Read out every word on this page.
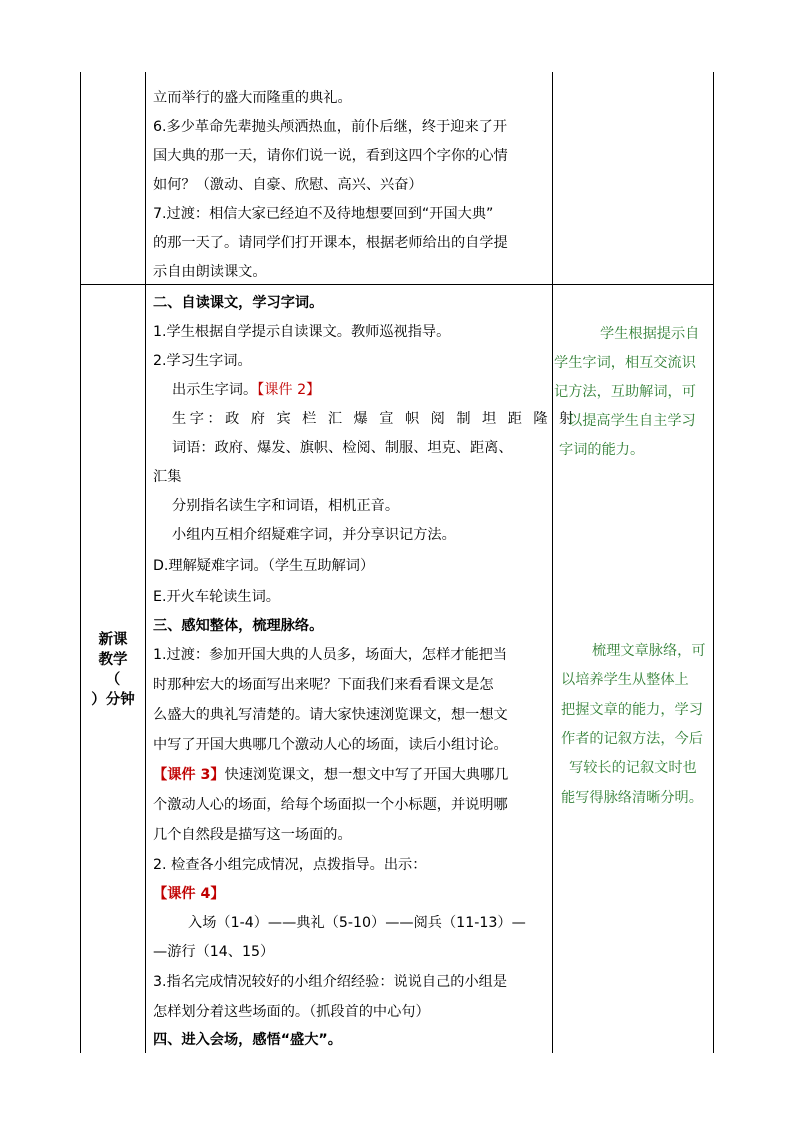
立而举行的盛大而隆重的典礼。
6.多少革命先辈抛头颅洒热血，前仆后继，终于迎来了开
国大典的那一天，请你们说一说，看到这四个字你的心情
如何？（激动、自豪、欣慰、高兴、兴奋）
7.过渡：相信大家已经迫不及待地想要回到“开国大典”
的那一天了。请同学们打开课本，根据老师给出的自学提
示自由朗读课文。
新课
教学
（
）分钟
二、自读课文，学习字词。
1.学生根据自学提示自读课文。教师巡视指导。
2.学习生字词。
出示生字词。【课件 2】
生字：政 府 宾 栏 汇 爆 宣 帜 阅 制 坦 距 隆 射
词语：政府、爆发、旗帜、检阅、制服、坦克、距离、
汇集
分别指名读生字和词语，相机正音。
小组内互相介绍疑难字词，并分享识记方法。
D.理解疑难字词。（学生互助解词）
E.开火车轮读生词。
三、感知整体，梳理脉络。
1.过渡：参加开国大典的人员多，场面大，怎样才能把当
时那种宏大的场面写出来呢？下面我们来看看课文是怎
么盛大的典礼写清楚的。请大家快速浏览课文，想一想文
中写了开国大典哪几个激动人心的场面，读后小组讨论。
【课件 3】快速浏览课文，想一想文中写了开国大典哪几
个激动人心的场面，给每个场面拟一个小标题，并说明哪
几个自然段是描写这一场面的。
2. 检查各小组完成情况，点拨指导。出示：
【课件 4】
入场（1-4）——典礼（5-10）——阅兵（11-13）—
—游行（14、15）
3.指名完成情况较好的小组介绍经验：说说自己的小组是
怎样划分着这些场面的。（抓段首的中心句）
四、进入会场，感悟“盛大”。
学生根据提示自
学生字词，相互交流识
记方法，互助解词，可
以提高学生自主学习
字词的能力。
梳理文章脉络，可
以培养学生从整体上
把握文章的能力，学习
作者的记叙方法，今后
写较长的记叙文时也
能写得脉络清晰分明。
